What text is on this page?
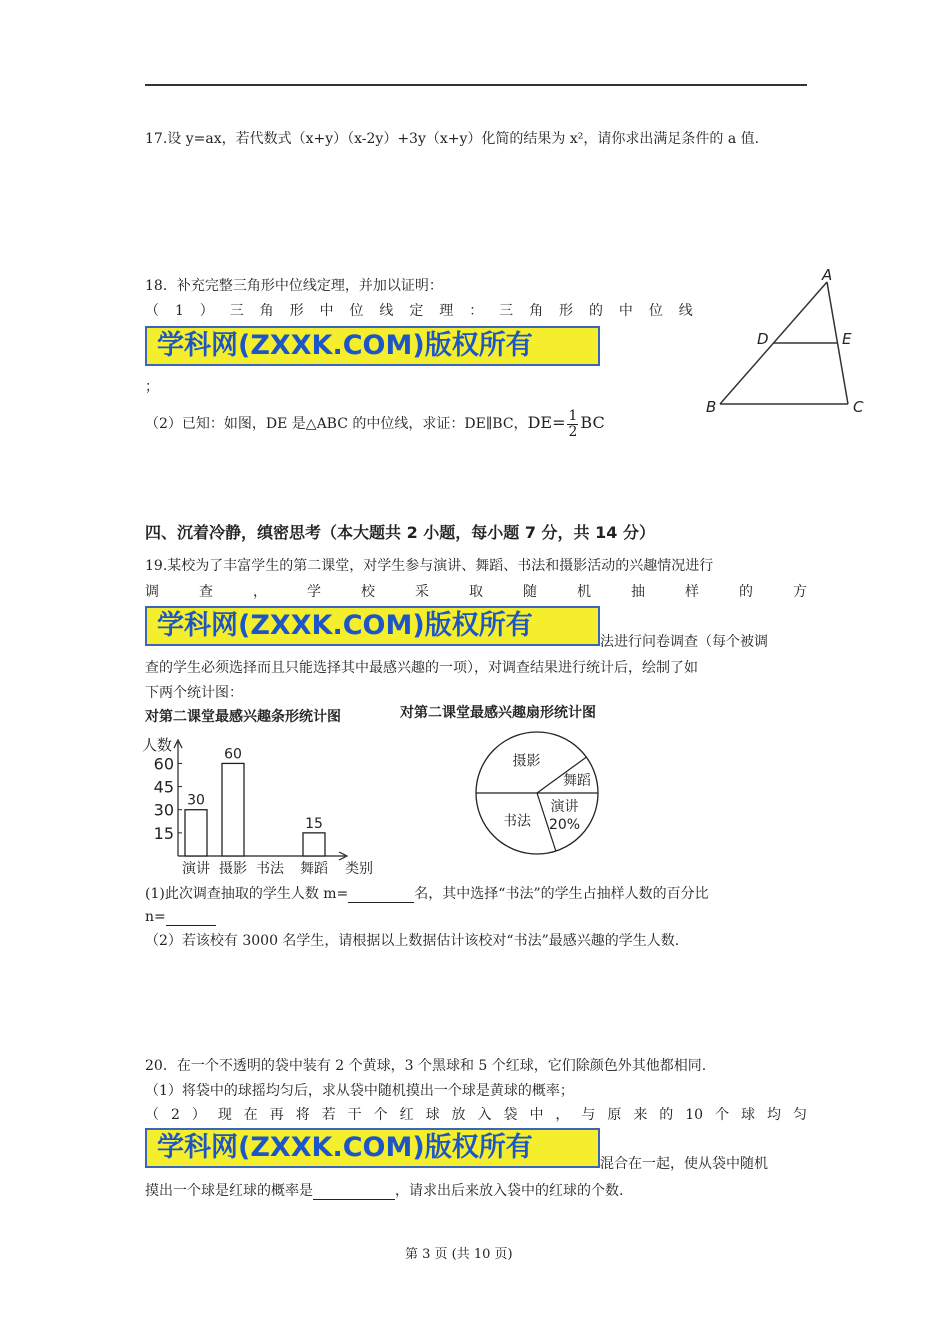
17.设 y=ax，若代数式（x+y）（x-2y）+3y（x+y）化简的结果为 x²，请你求出满足条件的 a 值.
18．补充完整三角形中位线定理，并加以证明：
（ 1 ） 三 角 形 中 位 线 定 理 ： 三 角 形 的 中 位 线
学科网(ZXXK.COM)版权所有
；
（2）已知：如图，DE 是△ABC 的中位线，求证：DE∥BC，$DE= \frac{1}{2}$ BC
A
D	E
B	C
四、沉着冷静，缜密思考（本大题共 2 小题，每小题 7 分，共 14 分）
19.某校为了丰富学生的第二课堂，对学生参与演讲、舞蹈、书法和摄影活动的兴趣情况进行
调	查	，	学	校	采	取	随	机	抽	样	的	方
学科网(ZXXK.COM)版权所有
法进行问卷调查（每个被调
查的学生必须选择而且只能选择其中最感兴趣的一项），对调查结果进行统计后，绘制了如
下两个统计图：
对第二课堂最感兴趣条形统计图	对第二课堂最感兴趣扇形统计图
人数
15
30
45
60
30
演讲
60
摄影 书法
15
舞蹈 类别
摄影
舞蹈
演讲
20%
书法
(1)此次调查抽取的学生人数 m=	名，其中选择“书法”的学生占抽样人数的百分比
n=
（2）若该校有 3000 名学生，请根据以上数据估计该校对“书法”最感兴趣的学生人数.
20．在一个不透明的袋中装有 2 个黄球，3 个黑球和 5 个红球，它们除颜色外其他都相同.
（1）将袋中的球摇均匀后，求从袋中随机摸出一个球是黄球的概率；
（ 2 ） 现 在 再 将 若 干 个 红 球 放 入 袋 中 ， 与 原 来 的 10 个 球 均 匀
学科网(ZXXK.COM)版权所有
混合在一起，使从袋中随机
摸出一个球是红球的概率是	，请求出后来放入袋中的红球的个数.
第 3 页 (共 10 页)
